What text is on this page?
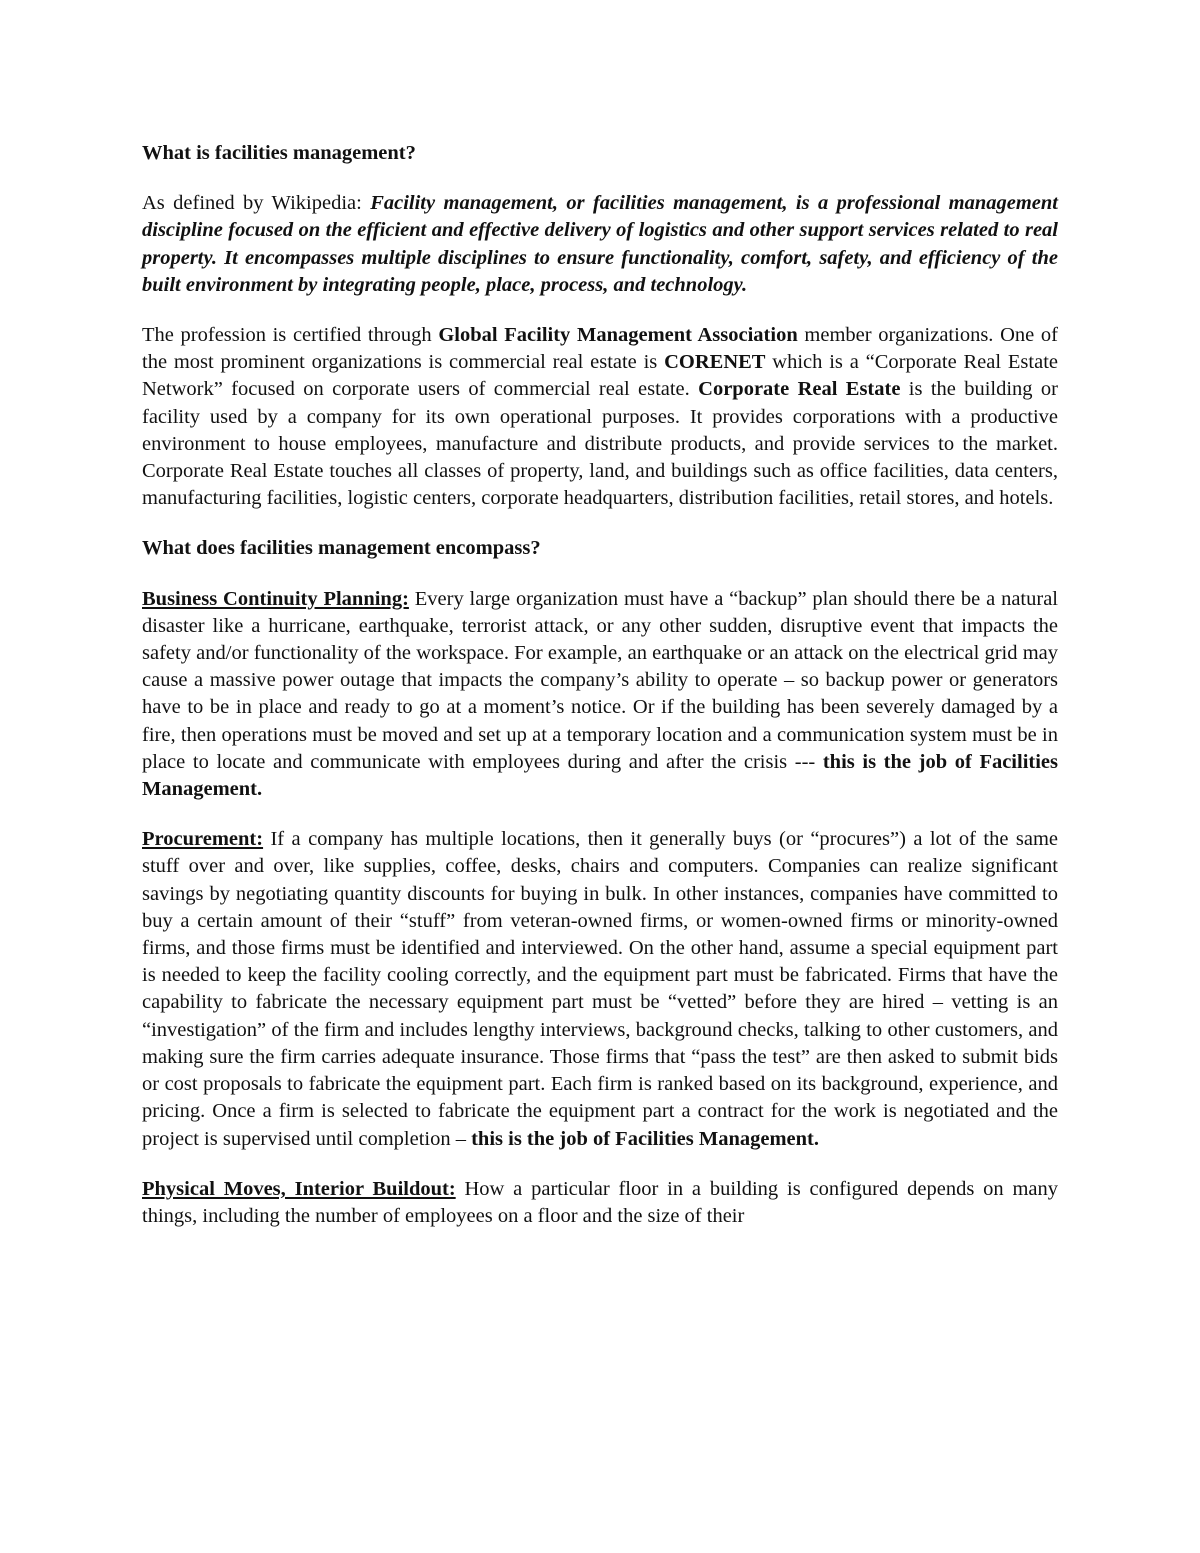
What is facilities management?

As defined by Wikipedia: Facility management, or facilities management, is a professional management discipline focused on the efficient and effective delivery of logistics and other support services related to real property. It encompasses multiple disciplines to ensure functionality, comfort, safety, and efficiency of the built environment by integrating people, place, process, and technology.

The profession is certified through Global Facility Management Association member organizations. One of the most prominent organizations is commercial real estate is CORENET which is a “Corporate Real Estate Network” focused on corporate users of commercial real estate. Corporate Real Estate is the building or facility used by a company for its own operational purposes. It provides corporations with a productive environment to house employees, manufacture and distribute products, and provide services to the market. Corporate Real Estate touches all classes of property, land, and buildings such as office facilities, data centers, manufacturing facilities, logistic centers, corporate headquarters, distribution facilities, retail stores, and hotels.

What does facilities management encompass?

Business Continuity Planning: Every large organization must have a “backup” plan should there be a natural disaster like a hurricane, earthquake, terrorist attack, or any other sudden, disruptive event that impacts the safety and/or functionality of the workspace. For example, an earthquake or an attack on the electrical grid may cause a massive power outage that impacts the company’s ability to operate – so backup power or generators have to be in place and ready to go at a moment’s notice. Or if the building has been severely damaged by a fire, then operations must be moved and set up at a temporary location and a communication system must be in place to locate and communicate with employees during and after the crisis --- this is the job of Facilities Management.

Procurement: If a company has multiple locations, then it generally buys (or “procures”) a lot of the same stuff over and over, like supplies, coffee, desks, chairs and computers. Companies can realize significant savings by negotiating quantity discounts for buying in bulk. In other instances, companies have committed to buy a certain amount of their “stuff” from veteran-owned firms, or women-owned firms or minority-owned firms, and those firms must be identified and interviewed. On the other hand, assume a special equipment part is needed to keep the facility cooling correctly, and the equipment part must be fabricated. Firms that have the capability to fabricate the necessary equipment part must be “vetted” before they are hired – vetting is an “investigation” of the firm and includes lengthy interviews, background checks, talking to other customers, and making sure the firm carries adequate insurance. Those firms that “pass the test” are then asked to submit bids or cost proposals to fabricate the equipment part. Each firm is ranked based on its background, experience, and pricing. Once a firm is selected to fabricate the equipment part a contract for the work is negotiated and the project is supervised until completion – this is the job of Facilities Management.

Physical Moves, Interior Buildout: How a particular floor in a building is configured depends on many things, including the number of employees on a floor and the size of their
